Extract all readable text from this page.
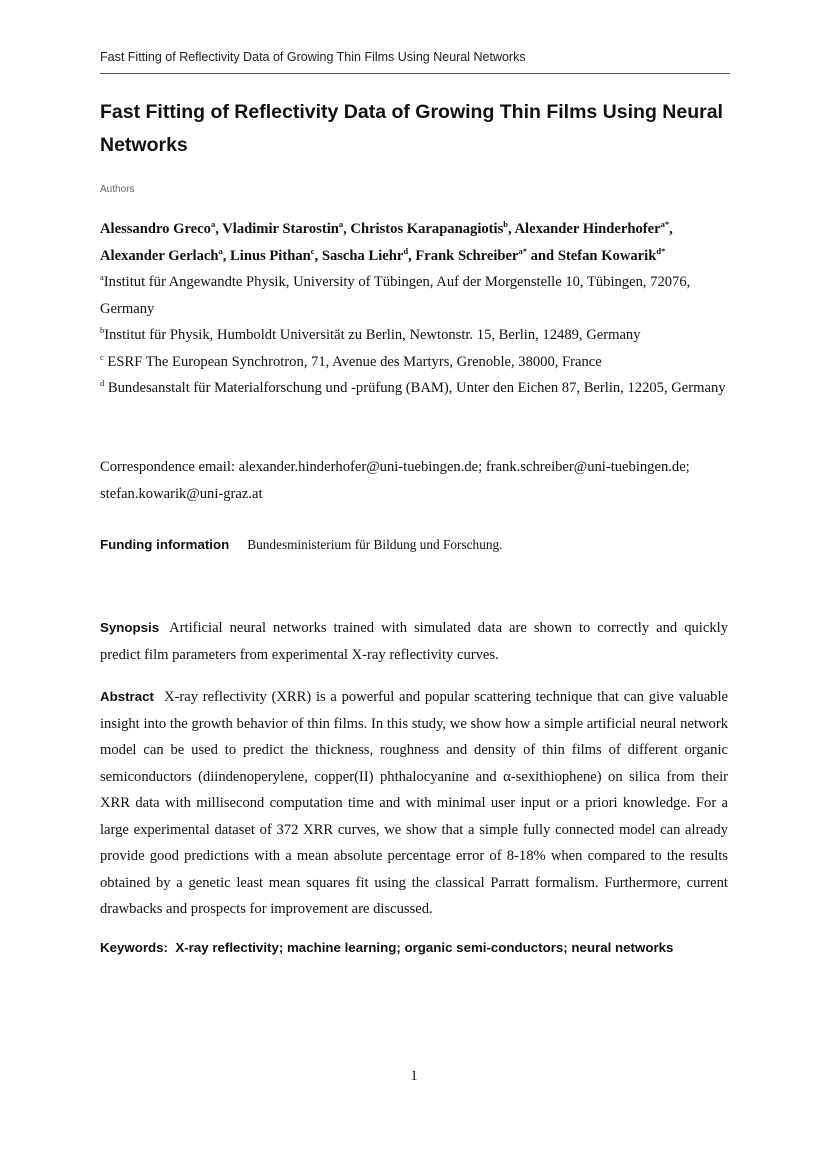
Fast Fitting of Reflectivity Data of Growing Thin Films Using Neural Networks
Fast Fitting of Reflectivity Data of Growing Thin Films Using Neural Networks
Authors
Alessandro Greco$^a$, Vladimir Starostin$^a$, Christos Karapanagiotis$^b$, Alexander Hinderhofer$^{a*}$, Alexander Gerlach$^a$, Linus Pithan$^c$, Sascha Liehr$^d$, Frank Schreiber$^{a*}$ and Stefan Kowarik$^{d*}$
$^a$Institut für Angewandte Physik, University of Tübingen, Auf der Morgenstelle 10, Tübingen, 72076, Germany
$^b$Institut für Physik, Humboldt Universität zu Berlin, Newtonstr. 15, Berlin, 12489, Germany
$^c$ ESRF The European Synchrotron, 71, Avenue des Martyrs, Grenoble, 38000, France
$^d$ Bundesanstalt für Materialforschung und -prüfung (BAM), Unter den Eichen 87, Berlin, 12205, Germany
Correspondence email: alexander.hinderhofer@uni-tuebingen.de; frank.schreiber@uni-tuebingen.de; stefan.kowarik@uni-graz.at
Funding information Bundesministerium für Bildung und Forschung.
Synopsis Artificial neural networks trained with simulated data are shown to correctly and quickly predict film parameters from experimental X-ray reflectivity curves.
Abstract X-ray reflectivity (XRR) is a powerful and popular scattering technique that can give valuable insight into the growth behavior of thin films. In this study, we show how a simple artificial neural network model can be used to predict the thickness, roughness and density of thin films of different organic semiconductors (diindenoperylene, copper(II) phthalocyanine and α-sexithiophene) on silica from their XRR data with millisecond computation time and with minimal user input or a priori knowledge. For a large experimental dataset of 372 XRR curves, we show that a simple fully connected model can already provide good predictions with a mean absolute percentage error of 8-18% when compared to the results obtained by a genetic least mean squares fit using the classical Parratt formalism. Furthermore, current drawbacks and prospects for improvement are discussed.
Keywords: X-ray reflectivity; machine learning; organic semi-conductors; neural networks
1
